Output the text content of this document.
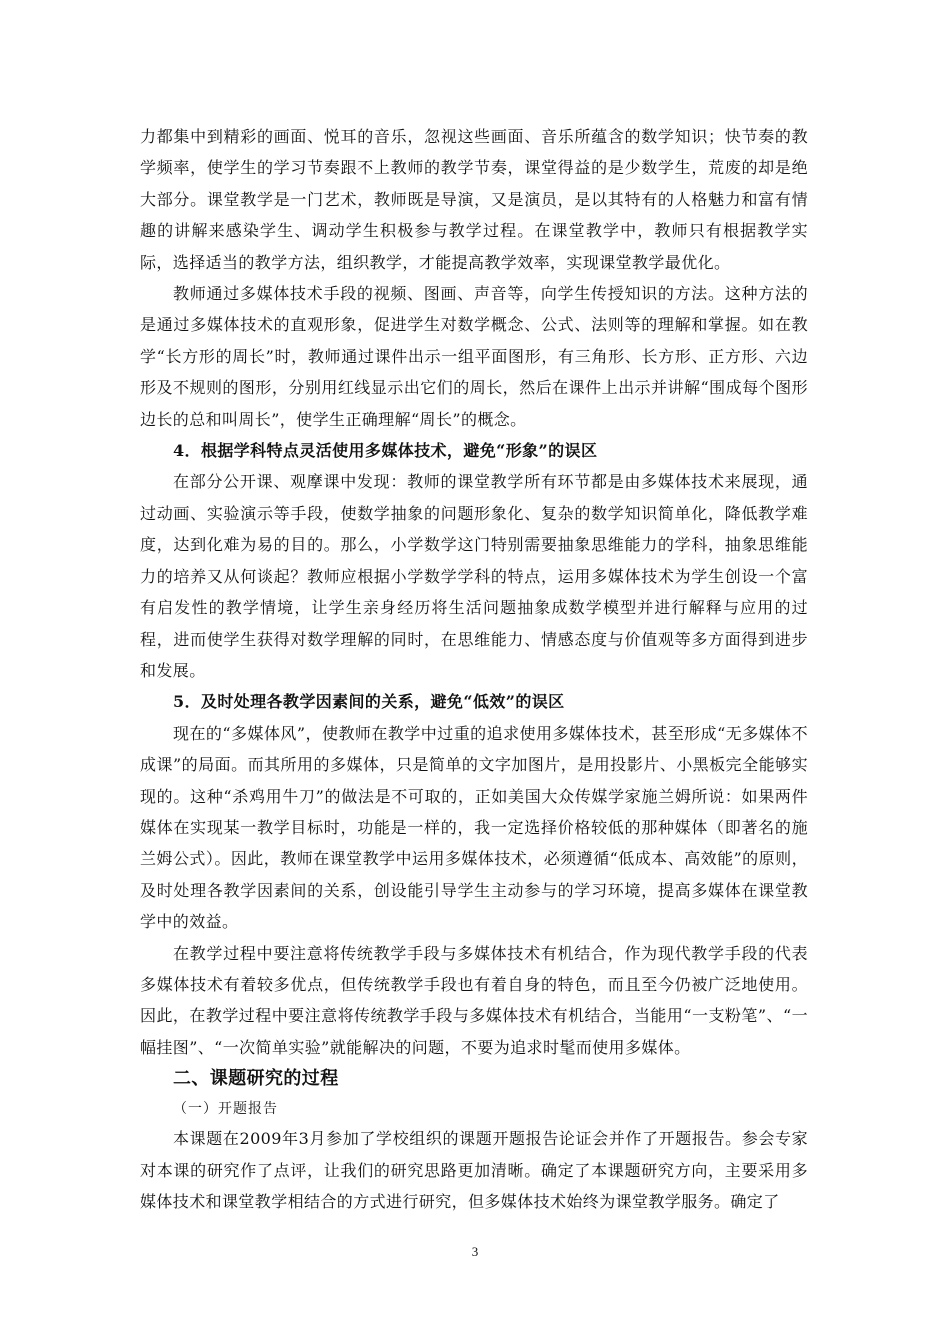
力都集中到精彩的画面、悦耳的音乐，忽视这些画面、音乐所蕴含的数学知识；快节奏的教学频率，使学生的学习节奏跟不上教师的教学节奏，课堂得益的是少数学生，荒废的却是绝大部分。课堂教学是一门艺术，教师既是导演，又是演员，是以其特有的人格魅力和富有情趣的讲解来感染学生、调动学生积极参与教学过程。在课堂教学中，教师只有根据教学实际，选择适当的教学方法，组织教学，才能提高教学效率，实现课堂教学最优化。

教师通过多媒体技术手段的视频、图画、声音等，向学生传授知识的方法。这种方法的是通过多媒体技术的直观形象，促进学生对数学概念、公式、法则等的理解和掌握。如在教学“长方形的周长”时，教师通过课件出示一组平面图形，有三角形、长方形、正方形、六边形及不规则的图形，分别用红线显示出它们的周长，然后在课件上出示并讲解“围成每个图形边长的总和叫周长”，使学生正确理解“周长”的概念。

4．根据学科特点灵活使用多媒体技术，避免“形象”的误区

在部分公开课、观摩课中发现：教师的课堂教学所有环节都是由多媒体技术来展现，通过动画、实验演示等手段，使数学抽象的问题形象化、复杂的数学知识简单化，降低教学难度，达到化难为易的目的。那么，小学数学这门特别需要抽象思维能力的学科，抽象思维能力的培养又从何谈起？教师应根据小学数学学科的特点，运用多媒体技术为学生创设一个富有启发性的教学情境，让学生亲身经历将生活问题抽象成数学模型并进行解释与应用的过程，进而使学生获得对数学理解的同时，在思维能力、情感态度与价值观等多方面得到进步和发展。

5．及时处理各教学因素间的关系，避免“低效”的误区

现在的“多媒体风”，使教师在教学中过重的追求使用多媒体技术，甚至形成“无多媒体不成课”的局面。而其所用的多媒体，只是简单的文字加图片，是用投影片、小黑板完全能够实现的。这种“杀鸡用牛刀”的做法是不可取的，正如美国大众传媒学家施兰姆所说：如果两件媒体在实现某一教学目标时，功能是一样的，我一定选择价格较低的那种媒体（即著名的施兰姆公式）。因此，教师在课堂教学中运用多媒体技术，必须遵循“低成本、高效能”的原则，及时处理各教学因素间的关系，创设能引导学生主动参与的学习环境，提高多媒体在课堂教学中的效益。

在教学过程中要注意将传统教学手段与多媒体技术有机结合，作为现代教学手段的代表多媒体技术有着较多优点，但传统教学手段也有着自身的特色，而且至今仍被广泛地使用。因此，在教学过程中要注意将传统教学手段与多媒体技术有机结合，当能用“一支粉笔”、“一幅挂图”、“一次简单实验”就能解决的问题，不要为追求时髦而使用多媒体。

二、课题研究的过程

（一）开题报告

本课题在2009年3月参加了学校组织的课题开题报告论证会并作了开题报告。参会专家对本课的研究作了点评，让我们的研究思路更加清晰。确定了本课题研究方向，主要采用多媒体技术和课堂教学相结合的方式进行研究，但多媒体技术始终为课堂教学服务。确定了

3
